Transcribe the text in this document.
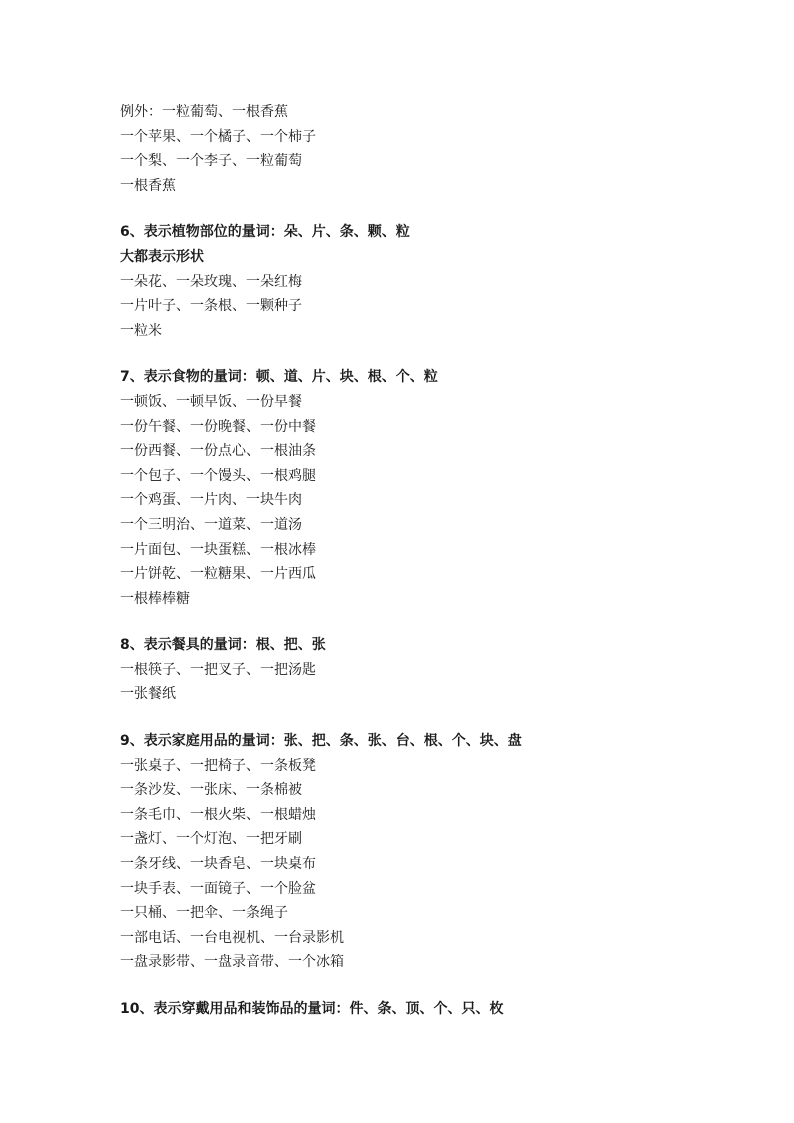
例外：一粒葡萄、一根香蕉
一个苹果、一个橘子、一个柿子
一个梨、一个李子、一粒葡萄
一根香蕉
6、表示植物部位的量词：朵、片、条、颗、粒
大都表示形状
一朵花、一朵玫瑰、一朵红梅
一片叶子、一条根、一颗种子
一粒米
7、表示食物的量词：顿、道、片、块、根、个、粒
一顿饭、一顿早饭、一份早餐
一份午餐、一份晚餐、一份中餐
一份西餐、一份点心、一根油条
一个包子、一个馒头、一根鸡腿
一个鸡蛋、一片肉、一块牛肉
一个三明治、一道菜、一道汤
一片面包、一块蛋糕、一根冰棒
一片饼乾、一粒糖果、一片西瓜
一根棒棒糖
8、表示餐具的量词：根、把、张
一根筷子、一把叉子、一把汤匙
一张餐纸
9、表示家庭用品的量词：张、把、条、张、台、根、个、块、盘
一张桌子、一把椅子、一条板凳
一条沙发、一张床、一条棉被
一条毛巾、一根火柴、一根蜡烛
一盏灯、一个灯泡、一把牙刷
一条牙线、一块香皂、一块桌布
一块手表、一面镜子、一个脸盆
一只桶、一把伞、一条绳子
一部电话、一台电视机、一台录影机
一盘录影带、一盘录音带、一个冰箱
10、表示穿戴用品和装饰品的量词：件、条、顶、个、只、枚
